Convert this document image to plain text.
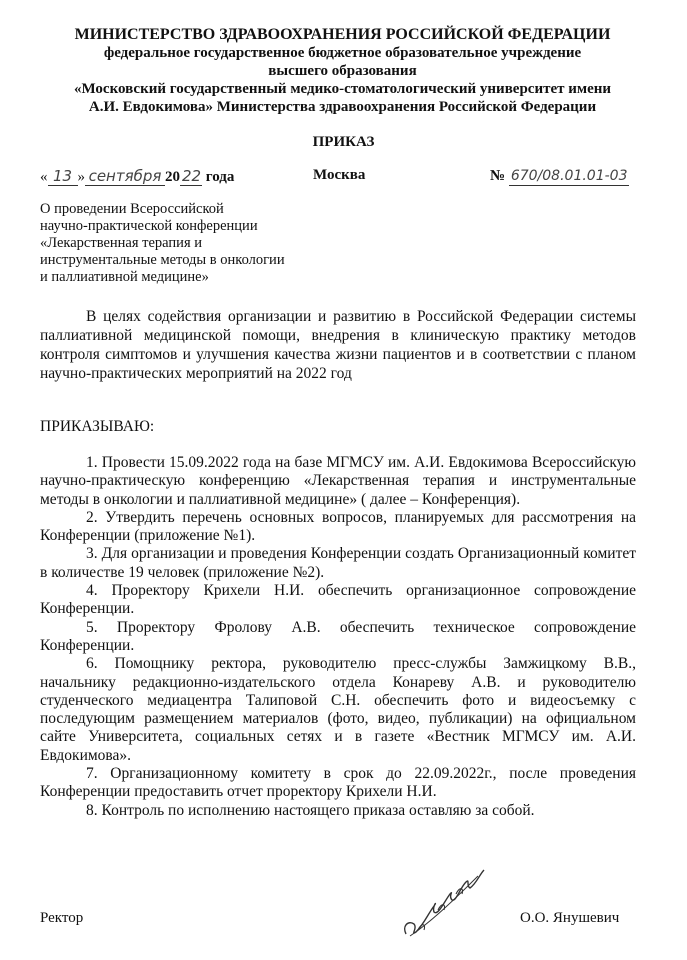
МИНИСТЕРСТВО ЗДРАВООХРАНЕНИЯ РОССИЙСКОЙ ФЕДЕРАЦИИ
федеральное государственное бюджетное образовательное учреждение
высшего образования
«Московский государственный медико-стоматологический университет имени
А.И. Евдокимова» Министерства здравоохранения Российской Федерации
ПРИКАЗ
« 13 » сентября 20 22 года	Москва	№ 670/08.01.01-03
О проведении Всероссийской
научно-практической конференции
«Лекарственная терапия и
инструментальные методы в онкологии
и паллиативной медицине»

В целях содействия организации и развитию в Российской Федерации системы паллиативной медицинской помощи, внедрения в клиническую практику методов контроля симптомов и улучшения качества жизни пациентов и в соответствии с планом научно-практических мероприятий на 2022 год

ПРИКАЗЫВАЮ:

1. Провести 15.09.2022 года на базе МГМСУ им. А.И. Евдокимова Всероссийскую научно-практическую конференцию «Лекарственная терапия и инструментальные методы в онкологии и паллиативной медицине» ( далее – Конференция).

2. Утвердить перечень основных вопросов, планируемых для рассмотрения на Конференции (приложение №1).

3. Для организации и проведения Конференции создать Организационный комитет в количестве 19 человек (приложение №2).

4. Проректору Крихели Н.И. обеспечить организационное сопровождение Конференции.

5. Проректору Фролову А.В. обеспечить техническое сопровождение Конференции.

6. Помощнику ректора, руководителю пресс-службы Замжицкому В.В., начальнику редакционно-издательского отдела Конареву А.В. и руководителю студенческого медиацентра Талиповой С.Н. обеспечить фото и видеосъемку с последующим размещением материалов (фото, видео, публикации) на официальном сайте Университета, социальных сетях и в газете «Вестник МГМСУ им. А.И. Евдокимова».

7. Организационному комитету в срок до 22.09.2022г., после проведения Конференции предоставить отчет проректору Крихели Н.И.

8. Контроль по исполнению настоящего приказа оставляю за собой.

Ректор	О.О. Янушевич
